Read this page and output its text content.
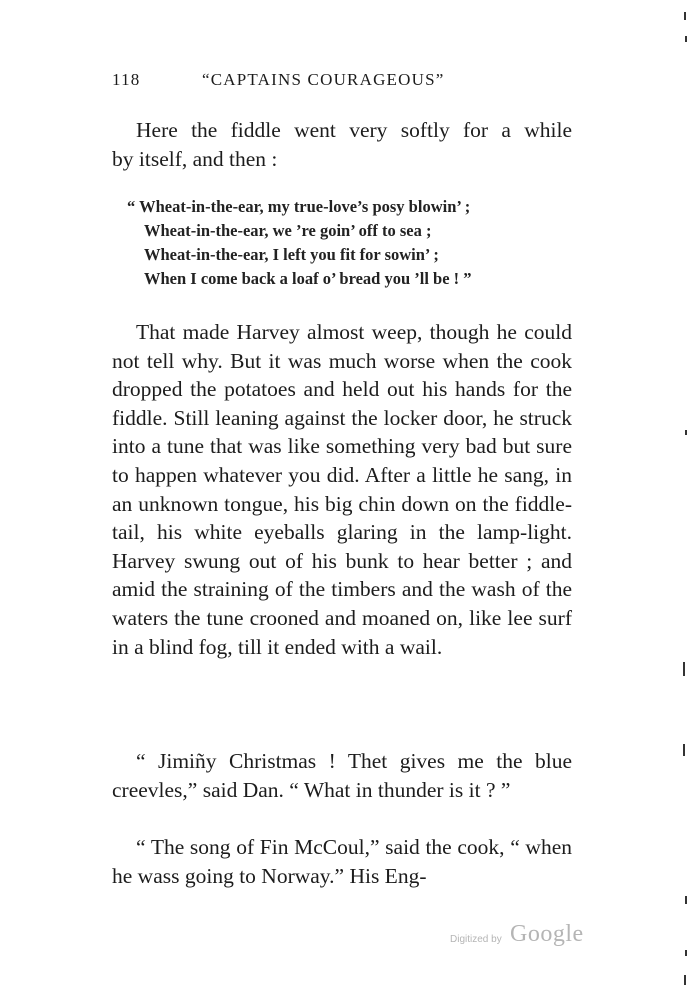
118	“CAPTAINS COURAGEOUS”
Here the fiddle went very softly for a while
by itself, and then :
“ Wheat-in-the-ear, my true-love’s posy blowin’ ;
Wheat-in-the-ear, we ’re goin’ off to sea ;
Wheat-in-the-ear, I left you fit for sowin’ ;
When I come back a loaf o’ bread you ’ll be ! ”

That made Harvey almost weep, though he could not tell why. But it was much worse when the cook dropped the potatoes and held out his hands for the fiddle. Still leaning against the locker door, he struck into a tune that was like something very bad but sure to happen whatever you did. After a little he sang, in an unknown tongue, his big chin down on the fiddle-tail, his white eyeballs glaring in the lamp-light. Harvey swung out of his bunk to hear better ; and amid the straining of the timbers and the wash of the waters the tune crooned and moaned on, like lee surf in a blind fog, till it ended with a wail.

“ Jimiñy Christmas ! Thet gives me the blue creevles,” said Dan. “ What in thunder is it ? ”

“ The song of Fin McCoul,” said the cook, “ when he wass going to Norway.” His Eng-

Digitized by Google
